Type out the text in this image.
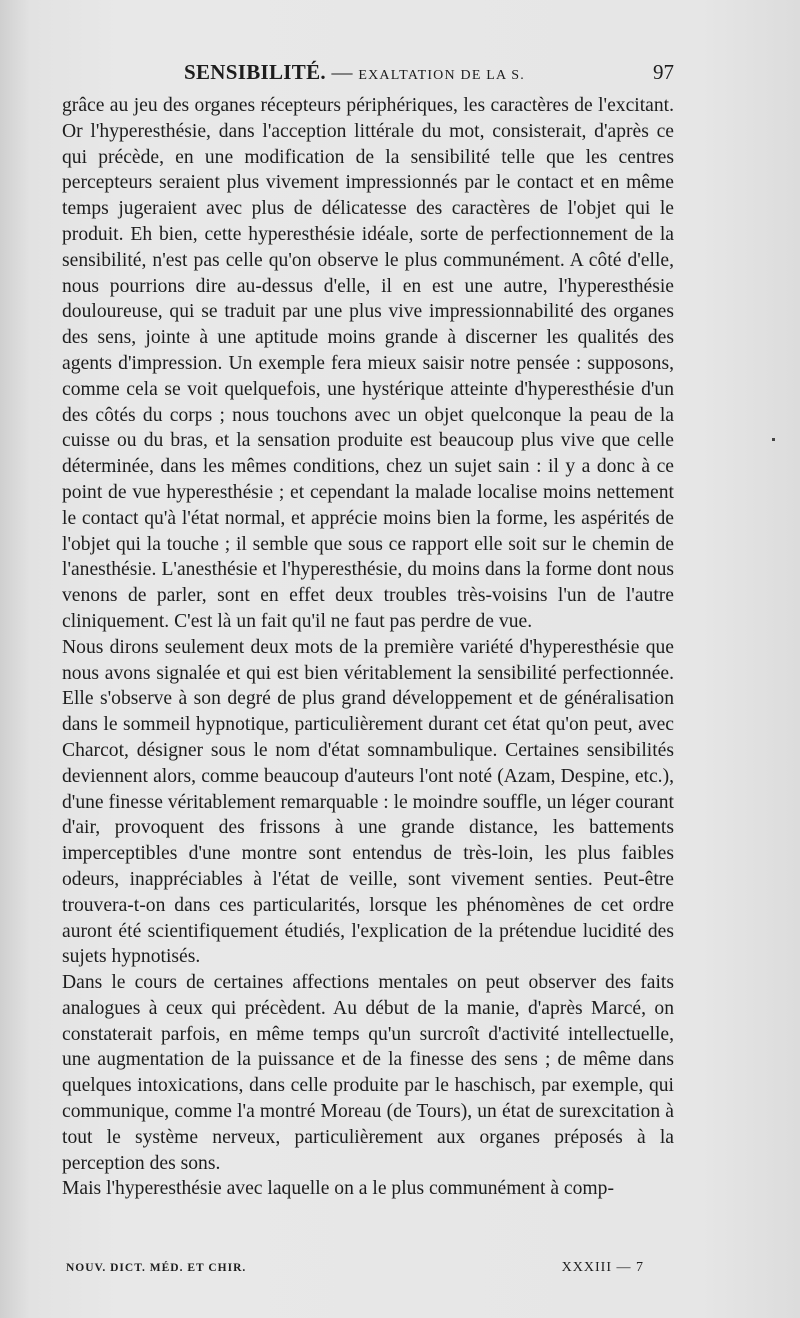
SENSIBILITÉ. — EXALTATION DE LA S.	97

grâce au jeu des organes récepteurs périphériques, les caractères de l'excitant. Or l'hyperesthésie, dans l'acception littérale du mot, consisterait, d'après ce qui précède, en une modification de la sensibilité telle que les centres percepteurs seraient plus vivement impressionnés par le contact et en même temps jugeraient avec plus de délicatesse des caractères de l'objet qui le produit. Eh bien, cette hyperesthésie idéale, sorte de perfectionnement de la sensibilité, n'est pas celle qu'on observe le plus communément. A côté d'elle, nous pourrions dire au-dessus d'elle, il en est une autre, l'hyperesthésie douloureuse, qui se traduit par une plus vive impressionnabilité des organes des sens, jointe à une aptitude moins grande à discerner les qualités des agents d'impression. Un exemple fera mieux saisir notre pensée : supposons, comme cela se voit quelquefois, une hystérique atteinte d'hyperesthésie d'un des côtés du corps ; nous touchons avec un objet quelconque la peau de la cuisse ou du bras, et la sensation produite est beaucoup plus vive que celle déterminée, dans les mêmes conditions, chez un sujet sain : il y a donc à ce point de vue hyperesthésie ; et cependant la malade localise moins nettement le contact qu'à l'état normal, et apprécie moins bien la forme, les aspérités de l'objet qui la touche ; il semble que sous ce rapport elle soit sur le chemin de l'anesthésie. L'anesthésie et l'hyperesthésie, du moins dans la forme dont nous venons de parler, sont en effet deux troubles très-voisins l'un de l'autre cliniquement. C'est là un fait qu'il ne faut pas perdre de vue.

Nous dirons seulement deux mots de la première variété d'hyperesthésie que nous avons signalée et qui est bien véritablement la sensibilité perfectionnée. Elle s'observe à son degré de plus grand développement et de généralisation dans le sommeil hypnotique, particulièrement durant cet état qu'on peut, avec Charcot, désigner sous le nom d'état somnambulique. Certaines sensibilités deviennent alors, comme beaucoup d'auteurs l'ont noté (Azam, Despine, etc.), d'une finesse véritablement remarquable : le moindre souffle, un léger courant d'air, provoquent des frissons à une grande distance, les battements imperceptibles d'une montre sont entendus de très-loin, les plus faibles odeurs, inappréciables à l'état de veille, sont vivement senties. Peut-être trouvera-t-on dans ces particularités, lorsque les phénomènes de cet ordre auront été scientifiquement étudiés, l'explication de la prétendue lucidité des sujets hypnotisés.

Dans le cours de certaines affections mentales on peut observer des faits analogues à ceux qui précèdent. Au début de la manie, d'après Marcé, on constaterait parfois, en même temps qu'un surcroît d'activité intellectuelle, une augmentation de la puissance et de la finesse des sens ; de même dans quelques intoxications, dans celle produite par le haschisch, par exemple, qui communique, comme l'a montré Moreau (de Tours), un état de surexcitation à tout le système nerveux, particulièrement aux organes préposés à la perception des sons.

Mais l'hyperesthésie avec laquelle on a le plus communément à comp-

NOUV. DICT. MÉD. ET CHIR.	XXXIII — 7
